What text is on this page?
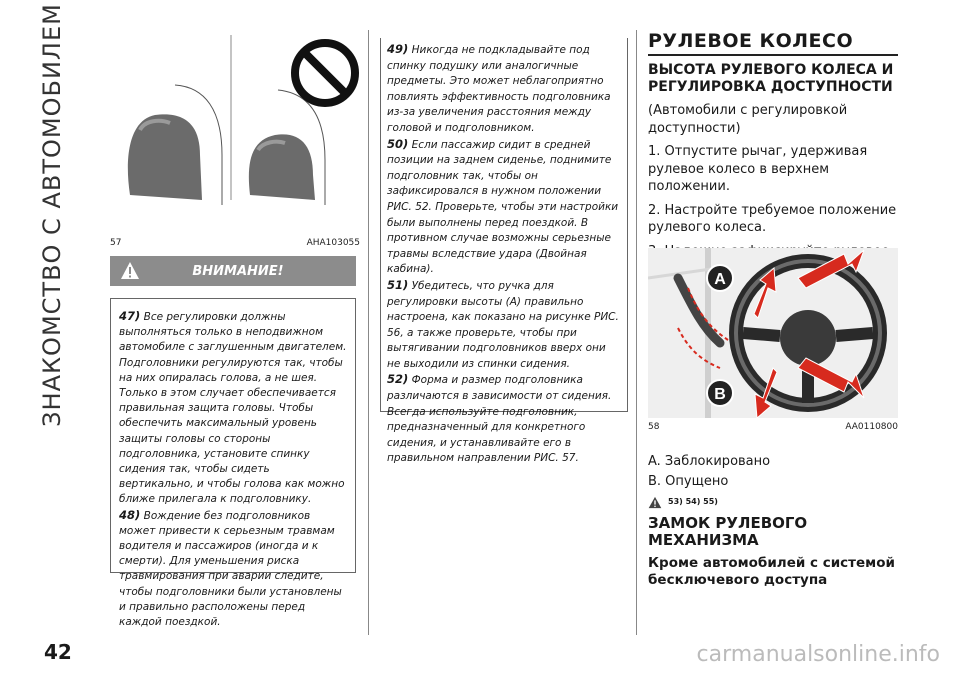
ЗНАКОМСТВО С АВТОМОБИЛЕМ
42
57	AHA103055
ВНИМАНИЕ!

47) Все регулировки должны выполняться только в неподвижном автомобиле с заглушенным двигателем. Подголовники регулируются так, чтобы на них опиралась голова, а не шея. Только в этом случает обеспечивается правильная защита головы. Чтобы обеспечить максимальный уровень защиты головы со стороны подголовника, установите спинку сидения так, чтобы сидеть вертикально, и чтобы голова как можно ближе прилегала к подголовнику.

48) Вождение без подголовников может привести к серьезным травмам водителя и пассажиров (иногда и к смерти). Для уменьшения риска травмирования при аварии следите, чтобы подголовники были установлены и правильно расположены перед каждой поездкой.

49) Никогда не подкладывайте под спинку подушку или аналогичные предметы. Это может неблагоприятно повлиять эффективность подголовника из-за увеличения расстояния между головой и подголовником.

50) Если пассажир сидит в средней позиции на заднем сиденье, поднимите подголовник так, чтобы он зафиксировался в нужном положении РИС. 52. Проверьте, чтобы эти настройки были выполнены перед поездкой. В противном случае возможны серьезные травмы вследствие удара (Двойная кабина).

51) Убедитесь, что ручка для регулировки высоты (A) правильно настроена, как показано на рисунке РИС. 56, а также проверьте, чтобы при вытягивании подголовников вверх они не выходили из спинки сидения.

52) Форма и размер подголовника различаются в зависимости от сидения. Всегда используйте подголовник, предназначенный для конкретного сидения, и устанавливайте его в правильном направлении РИС. 57.

РУЛЕВОЕ КОЛЕСО
ВЫСОТА РУЛЕВОГО КОЛЕСА И РЕГУЛИРОВКА ДОСТУПНОСТИ

(Автомобили с регулировкой доступности)

1. Отпустите рычаг, удерживая рулевое колесо в верхнем положении.

2. Настройте требуемое положение рулевого колеса.

A
B
58	AA0110800
A. Заблокировано
B. Опущено
53) 54) 55)
ЗАМОК РУЛЕВОГО МЕХАНИЗМА

Кроме автомобилей с системой бесключевого доступа

carmanualsonline.info
